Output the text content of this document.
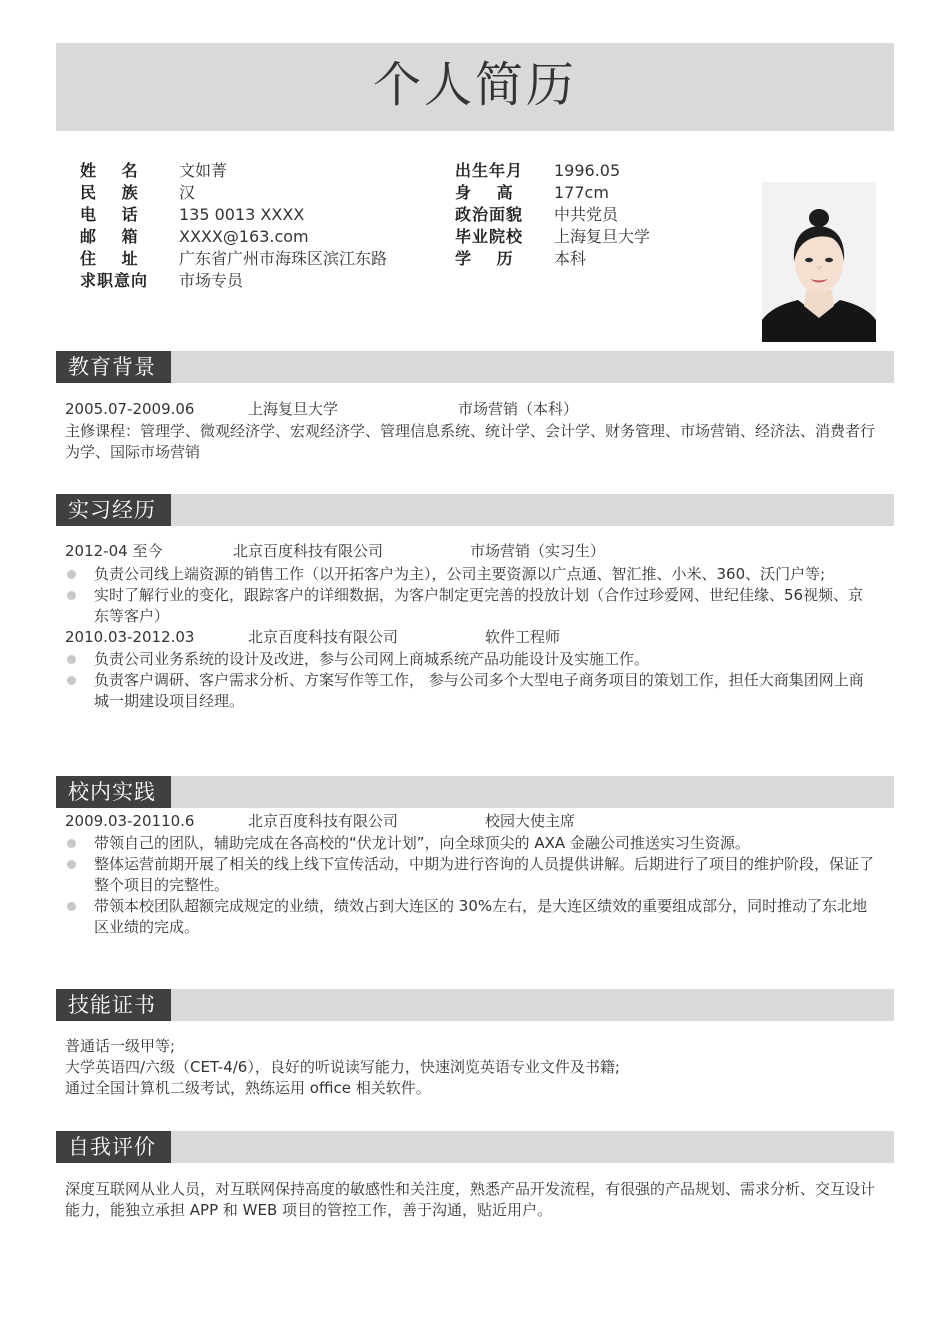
个人简历
姓 名	文如菁
民 族	汉
电 话	135 0013 XXXX
邮 箱	XXXX@163.com
住 址	广东省广州市海珠区滨江东路
求职意向 市场专员
出生年月 1996.05
身 高	177cm
政治面貌 中共党员
毕业院校 上海复旦大学
学 历	本科
教育背景
2005.07-2009.06	上海复旦大学	市场营销（本科）
主修课程：管理学、微观经济学、宏观经济学、管理信息系统、统计学、会计学、财务管理、市场营销、经济法、消费者行为学、国际市场营销
实习经历
2012-04 至今	北京百度科技有限公司	市场营销（实习生）
负责公司线上端资源的销售工作（以开拓客户为主），公司主要资源以广点通、智汇推、小米、360、沃门户等;
实时了解行业的变化，跟踪客户的详细数据，为客户制定更完善的投放计划（合作过珍爱网、世纪佳缘、56视频、京东等客户）
2010.03-2012.03	北京百度科技有限公司	软件工程师
负责公司业务系统的设计及改进，参与公司网上商城系统产品功能设计及实施工作。
负责客户调研、客户需求分析、方案写作等工作， 参与公司多个大型电子商务项目的策划工作，担任大商集团网上商城一期建设项目经理。
校内实践
2009.03-20110.6	北京百度科技有限公司	校园大使主席
带领自己的团队，辅助完成在各高校的“伏龙计划”，向全球顶尖的 AXA 金融公司推送实习生资源。
整体运营前期开展了相关的线上线下宣传活动，中期为进行咨询的人员提供讲解。后期进行了项目的维护阶段，保证了整个项目的完整性。
带领本校团队超额完成规定的业绩，绩效占到大连区的 30%左右，是大连区绩效的重要组成部分，同时推动了东北地区业绩的完成。
技能证书
普通话一级甲等;
大学英语四/六级（CET-4/6），良好的听说读写能力，快速浏览英语专业文件及书籍;
通过全国计算机二级考试，熟练运用 office 相关软件。
自我评价
深度互联网从业人员，对互联网保持高度的敏感性和关注度，熟悉产品开发流程，有很强的产品规划、需求分析、交互设计能力，能独立承担 APP 和 WEB 项目的管控工作，善于沟通，贴近用户。
